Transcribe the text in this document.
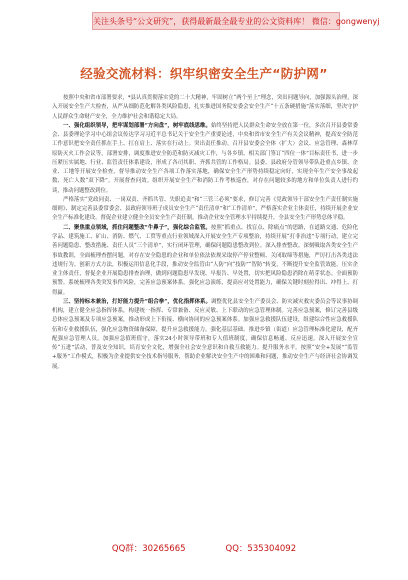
关注头条号“公文研究”，获得最新最全最专业的公文资料库！ 微信：gongwenyj
经验交流材料：织牢织密安全生产“防护网”

按照中央和省市部署要求，*县认真贯彻落实党的二十大精神，牢固树立“两个至上”理念，突出问题导向，加强源头治理，深入开展安全生产大检查，从严从细防范化解各类风险隐患，扎实推进国务院安委会安全生产“十五条硬措施”落实落细，坚决守护人民群众生命财产安全，全力维护社会和谐稳定大局。

一、强化组织领导，把牢谋划部署“方向盘”，树牢底线思维。始终坚持把人民群众生命安全放在第一位，多次召开县委常委会、县委理论学习中心组会议传达学习习近平总书记关于安全生产重要论述，中央和省市安全生产有关会议精神，提高安全防范工作意识把安全责任抓在手上、扛在肩上、落实在行动上。突出责任推动。召开县安委会全体（扩大）会议、应急管理、森林草原防灭火工作会议等，部署安排，调度推进安全防范和防灭减灾工作，与各乡镇、相关部门签订“四位一体”目标责任书，进一步压紧压实属地、行业、监管责任体系建设，形成了各司其职、齐抓共管的工作格局。县委、县政府分管领导带队赴重点乡镇、企业、工地等开展安全检查，督导推动安全生产各项工作落实落地，确保安全生产形势持续稳定向好，实现全年生产安全事故起数、死亡人数“双下降”。开展督查问效。组织开展安全生产和消防工作考核巡查，对存在问题较多的地方和单位负责人进行约谈，推动问题整改到位。

严格落实“党政同责、一岗双责、齐抓共管、失职追责”和“三管三必须”要求，修订完善《党政领导干部安全生产责任制实施细则》、制定完善县委常委会、县政府领导班子成员安全生产“责任清单”和“工作清单”，严格落实企业主体责任，持续开展企业安全生产标准化建设，督促企业建立健全全员安全生产责任制，推动企业安全管理水平持续提升，全县安全生产形势总体平稳。

二、聚焦重点领域，抓住问题整改“牛鼻子”，强化综合监管。按照“抓重点、找盲点、除痛点”的思路，在道路交通、危险化学品、建筑施工、矿山、消防、燃气、工贸等重点行业领域深入开展安全生产专项整治，持续开展“打非治违”专项行动，建立完善问题隐患、整改措施、责任人员“三个清单”，实行闭环管理，确保问题隐患整改到位。深入排查整改。深刻吸取各类安全生产事故教训，全面梳理查摆问题，对存在安全隐患的企业和单位依法依规采取停产停业整顿、关闭取缔等措施，严厉打击各类违法违规行为。创新方式方法，积极运用信息化手段，推动安全监管由“人防”向“技防”“智防”转变，不断提升安全监管效能。压实企业主体责任，督促企业开展隐患排查治理，做到问题隐患早发现、早报告、早处置，切实把风险隐患消除在萌芽状态。全面预防预警。系统梳理各类突发事件风险，完善应急预案体系，强化应急演练，提高应对处置能力，确保关键时刻拉得出、冲得上、打得赢。

三、坚持标本兼治，打好能力提升“组合拳”，优化指挥体系。调整优化县安全生产委员会、防灾减灾救灾委员会等议事协调机构，建立健全应急指挥体系，构建统一指挥、专常兼备、反应灵敏、上下联动的应急管理体制。完善应急预案，修订完善县级总体应急预案及专项应急预案，推动形成上下衔接、横向协同的应急预案体系。加强应急救援队伍建设，组建综合性应急救援队伍和专业救援队伍，强化应急物资储备保障，提升应急救援能力。强化基层基础。推进乡镇（街道）应急管理标准化建设，配齐配强应急管理人员，加强应急值班值守，落实24小时领导带班和专人值班制度，确保信息畅通、反应迅速。深入开展安全宣传“五进”活动，普及安全知识，培育安全文化，增强全社会安全意识和自救互救能力。提升服务水平。按照“安全+发展”“监管+服务”工作模式，积极为企业提供安全技术指导服务，帮助企业解决安全生产中的困难和问题，推动安全生产与经济社会协调发展。

QQ群：30265665	QQ：535304092
